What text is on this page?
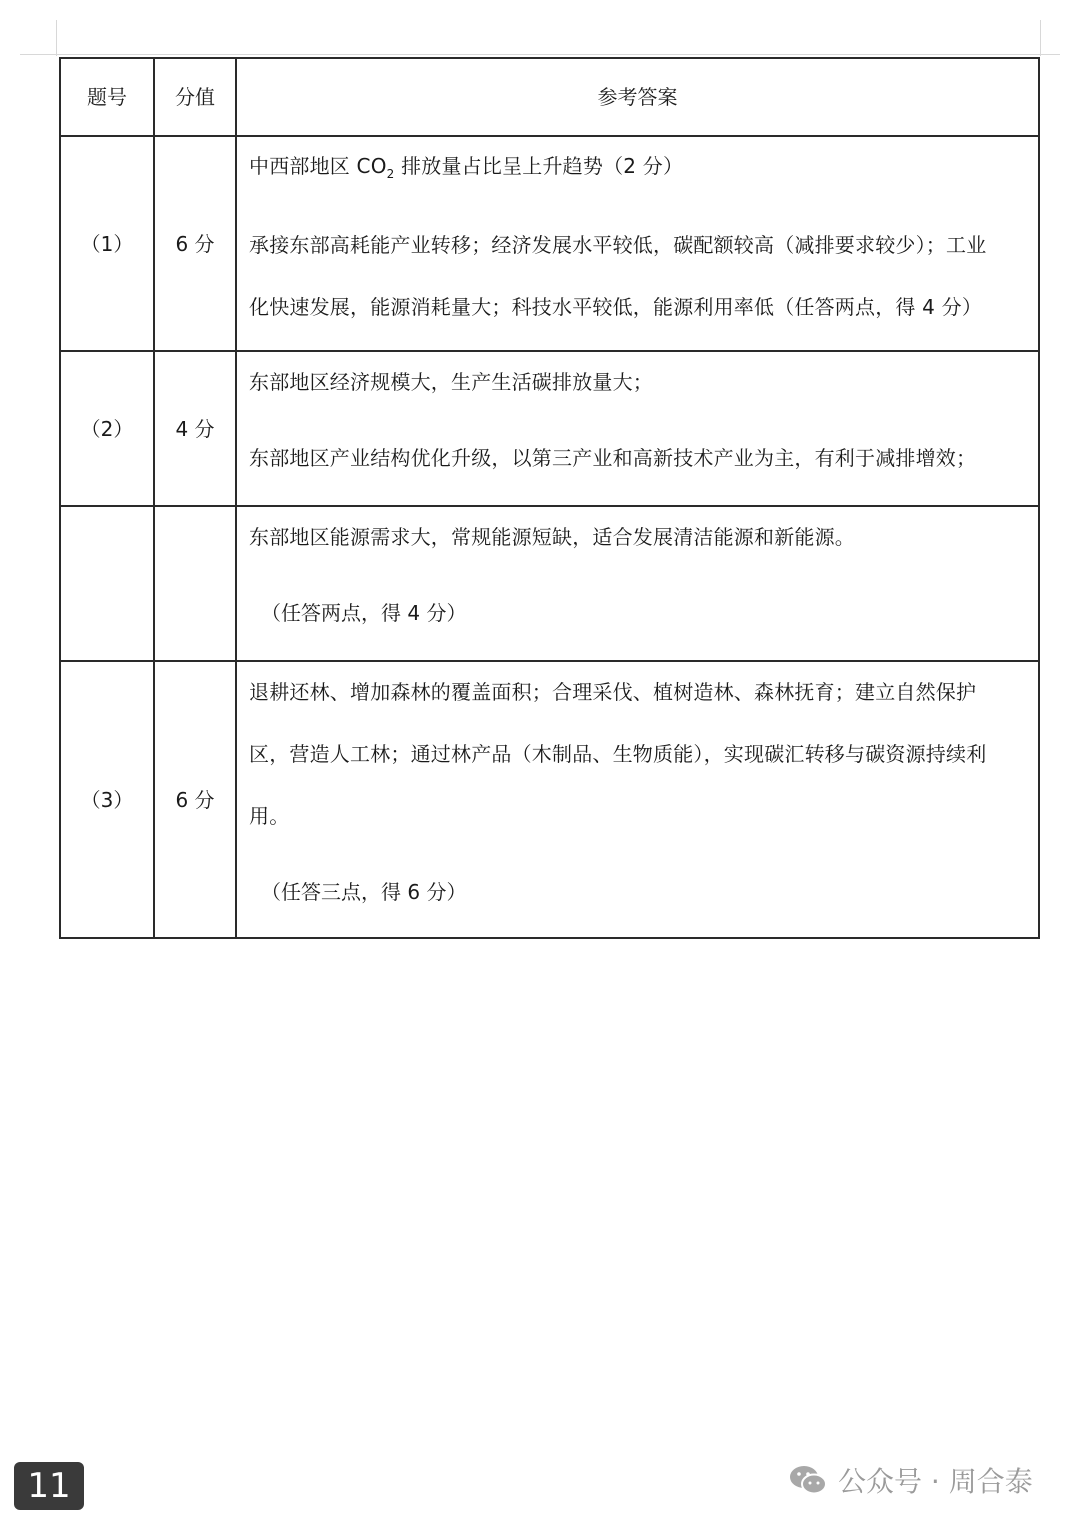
题号	分值	参考答案
（1）	6 分	中西部地区 $CO_2$ 排放量占比呈上升趋势（2 分）
承接东部高耗能产业转移；经济发展水平较低，碳配额较高（减排要求较少）；工业
化快速发展，能源消耗量大；科技水平较低，能源利用率低（任答两点，得 4 分）

（2）	4 分	东部地区经济规模大，生产生活碳排放量大；
东部地区产业结构优化升级，以第三产业和高新技术产业为主，有利于减排增效；

		东部地区能源需求大，常规能源短缺，适合发展清洁能源和新能源。
（任答两点，得 4 分）

（3）	6 分	退耕还林、增加森林的覆盖面积；合理采伐、植树造林、森林抚育；建立自然保护
区，营造人工林；通过林产品（木制品、生物质能），实现碳汇转移与碳资源持续利
用。
（任答三点，得 6 分）
11	公众号 · 周合泰
